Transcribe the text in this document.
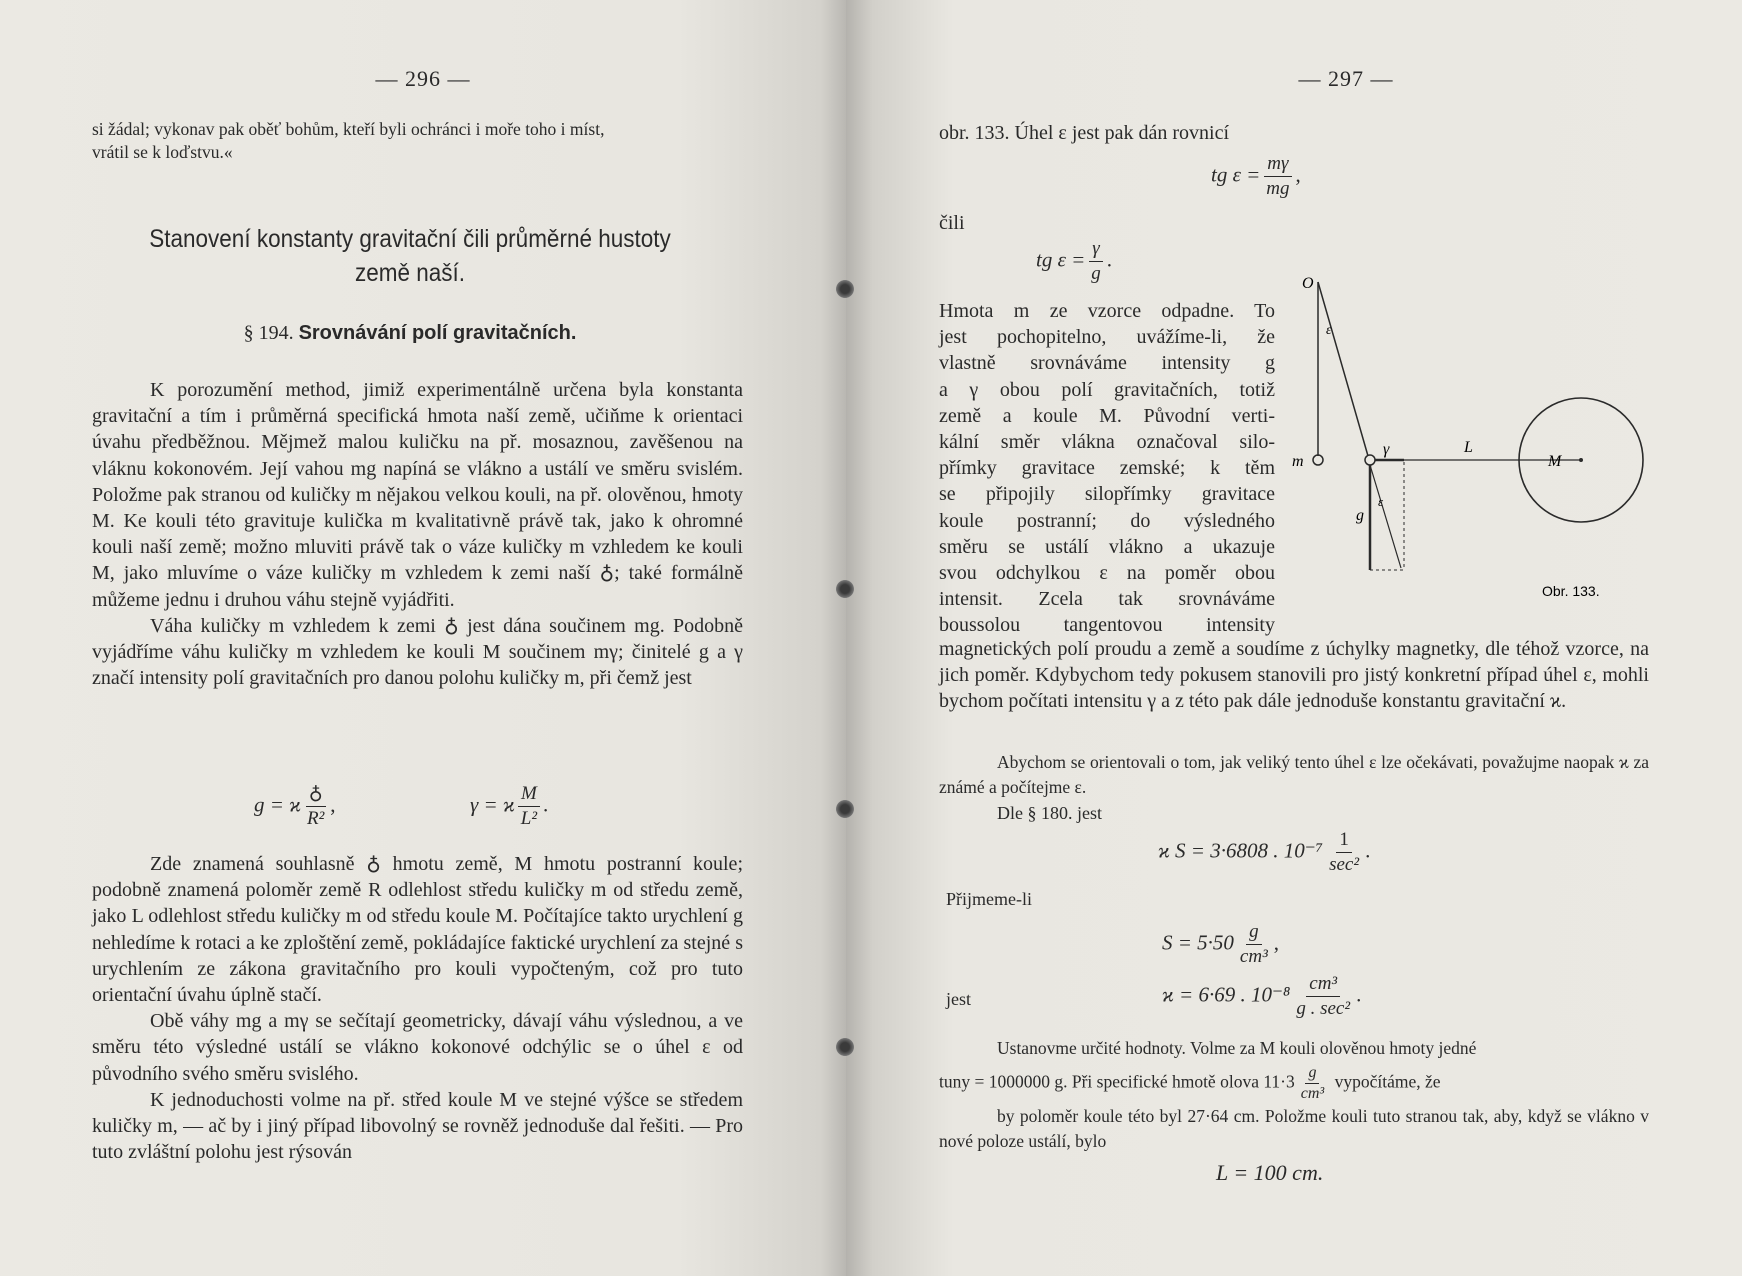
— 296 —
si žádal; vykonav pak oběť bohům, kteří byli ochránci i moře toho i míst,
vrátil se k loďstvu.«
Stanovení konstanty gravitační čili průměrné hustoty
země naší.
§ 194. Srovnávání polí gravitačních.

K porozumění method, jimiž experimentálně určena byla konstanta gravitační a tím i průměrná specifická hmota naší země, učiňme k orientaci úvahu předběžnou. Mějmež malou kuličku na př. mosaznou, zavěšenou na vláknu kokonovém. Její vahou mg napíná se vlákno a ustálí ve směru svislém. Položme pak stranou od kuličky m nějakou velkou kouli, na př. olověnou, hmoty M. Ke kouli této gravituje kulička m kvalitativně právě tak, jako k ohromné kouli naší země; možno mluviti právě tak o váze kuličky m vzhledem ke kouli M, jako mluvíme o váze kuličky m vzhledem k zemi naší ♁; také formálně můžeme jednu i druhou váhu stejně vyjádřiti.

Váha kuličky m vzhledem k zemi ♁ jest dána součinem mg. Podobně vyjádříme váhu kuličky m vzhledem ke kouli M součinem mγ; činitelé g a γ značí intensity polí gravitačních pro danou polohu kuličky m, při čemž jest

g = ϰ $\frac{♁}{\text{R²}}$ ,	γ = ϰ $\frac{M}{\text{L²}}$ .

Zde znamená souhlasně ♁ hmotu země, M hmotu postranní koule; podobně znamená poloměr země R odlehlost středu kuličky m od středu země, jako L odlehlost středu kuličky m od středu koule M. Počítajíce takto urychlení g nehledíme k rotaci a ke zploštění země, pokládajíce faktické urychlení za stejné s urychlením ze zákona gravitačního pro kouli vypočteným, což pro tuto orientační úvahu úplně stačí.

Obě váhy mg a mγ se sečítají geometricky, dávají váhu výslednou, a ve směru této výsledné ustálí se vlákno kokonové odchýlic se o úhel ε od původního svého směru svislého.

K jednoduchosti volme na př. střed koule M ve stejné výšce se středem kuličky m, — ač by i jiný případ libovolný se rovněž jednoduše dal řešiti. — Pro tuto zvláštní polohu jest rýsován

— 297 —
obr. 133. Úhel ε jest pak dán rovnicí
tg $\varepsilon = \frac{m\gamma}{mg}$ ,
čili
tg $\varepsilon = \frac{\gamma}{g}$ .
Hmota m ze vzorce odpadne. To
jest pochopitelno, uvážíme-li, že
vlastně srovnáváme intensity g
a γ obou polí gravitačních, totiž
země a koule M. Původní verti-
kální směr vlákna označoval silo-
přímky gravitace zemské; k těm
se připojily silopřímky gravitace
koule postranní; do výsledného
směru se ustálí vlákno a ukazuje
svou odchylkou ε na poměr obou
intensit. Zcela tak srovnáváme
boussolou tangentovou intensity
O
ε
m
γ	L
M
g
ε
Obr. 133.

magnetických polí proudu a země a soudíme z úchylky magnetky, dle téhož vzorce, na jich poměr. Kdybychom tedy pokusem stanovili pro jistý konkretní případ úhel ε, mohli bychom počítati intensitu γ a z této pak dále jednoduše konstantu gravitační ϰ.

Abychom se orientovali o tom, jak veliký tento úhel ε lze očekávati, považujme naopak ϰ za známé a počítejme ε.

Dle § 180. jest
ϰ S = 3·6808 . $10^{-7} \frac{1}{\text{sec²}}$ .
Přijmeme-li
$S = 5\cdot 50 \frac{g}{\text{cm³}}$ ,
jest	ϰ = 6·69 . $10^{-8} \frac{\text{cm³}}{\text{g . sec²}}$ .

Ustanovme určité hodnoty. Volme za M kouli olověnou hmoty jedné

tuny = 1000000 g. Při specifické hmotě olova $11\cdot 3 \frac{g}{\text{cm³}}$ vypočítáme, že

by poloměr koule této byl 27·64 cm. Položme kouli tuto stranou tak, aby, když se vlákno v nové poloze ustálí, bylo

L = 100 cm.
